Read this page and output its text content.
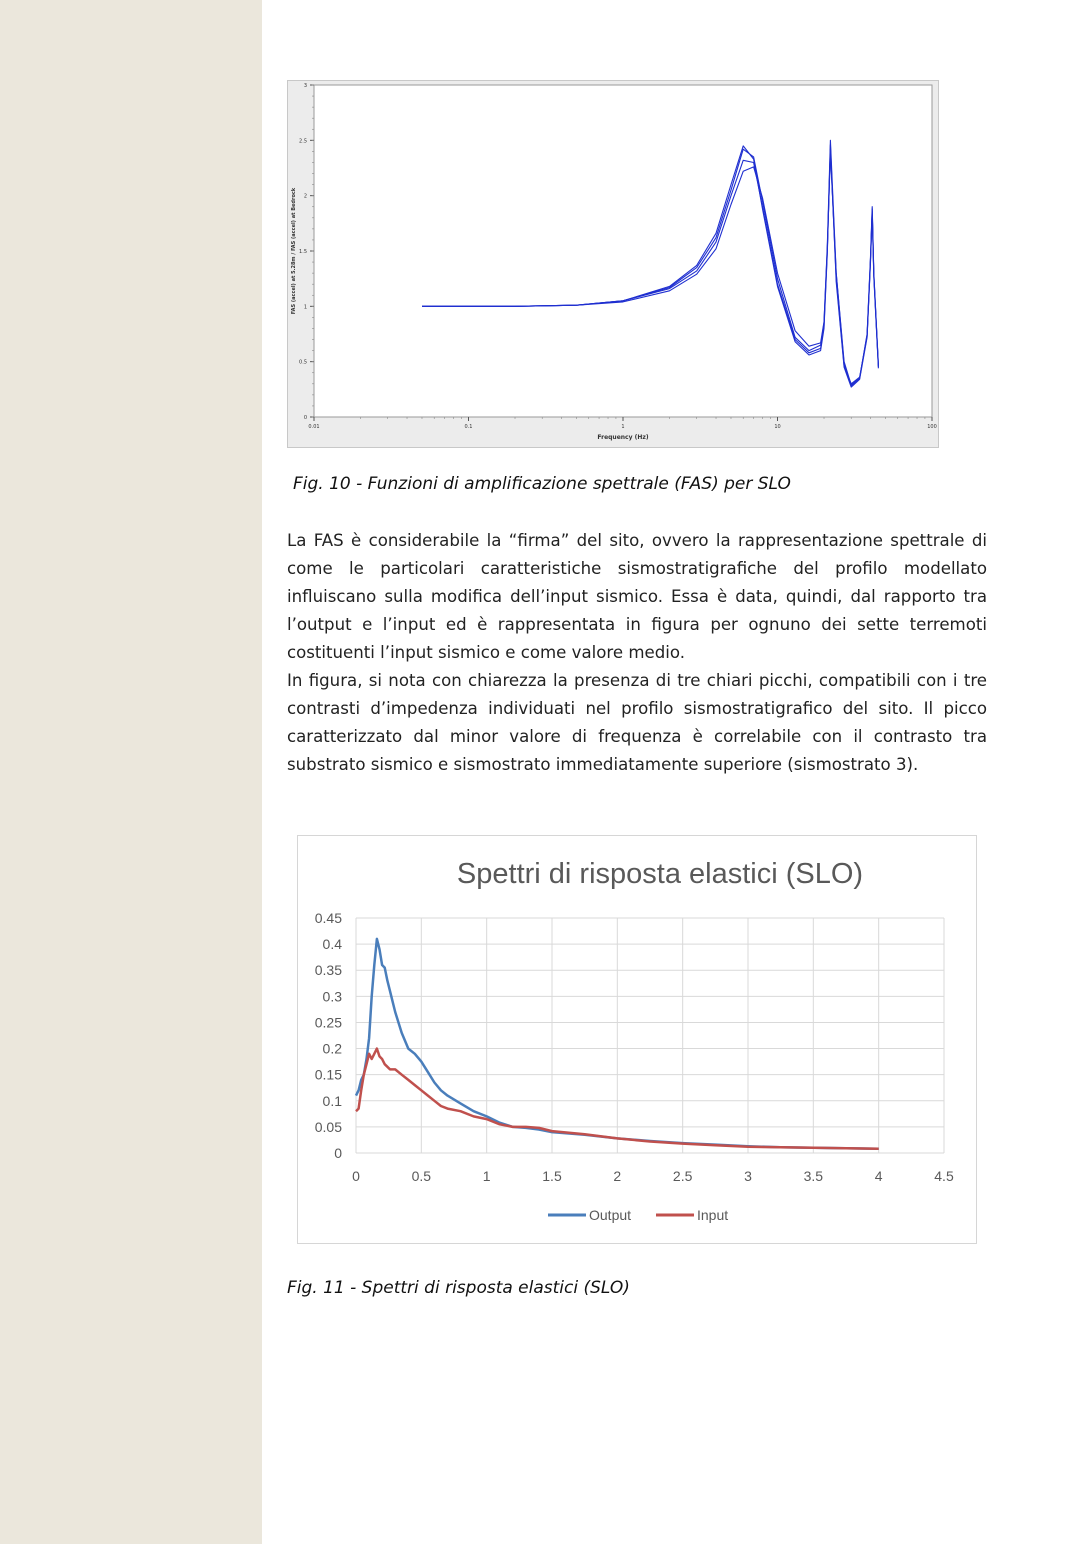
0
0.5
1
1.5
2
2.5
3
0.01	0.1	1	10	100
Frequency (Hz)
FAS (accel) at 5.28m / FAS (accel) at Bedrock
Fig. 10 - Funzioni di amplificazione spettrale (FAS) per SLO

La FAS è considerabile la “firma” del sito, ovvero la rappresentazione spettrale di come le particolari caratteristiche sismostratigrafiche del profilo modellato influiscano sulla modifica dell’input sismico. Essa è data, quindi, dal rapporto tra l’output e l’input ed è rappresentata in figura per ognuno dei sette terremoti costituenti l’input sismico e come valore medio.

In figura, si nota con chiarezza la presenza di tre chiari picchi, compatibili con i tre contrasti d’impedenza individuati nel profilo sismostratigrafico del sito. Il picco caratterizzato dal minor valore di frequenza è correlabile con il contrasto tra substrato sismico e sismostrato immediatamente superiore (sismostrato 3).

Spettri di risposta elastici (SLO)
0
0.05
0.1
0.15
0.2
0.25
0.3
0.35
0.4
0.45
0	0.5	1	1.5	2	2.5	3	3.5	4	4.5
Output	Input
Fig. 11 - Spettri di risposta elastici (SLO)
